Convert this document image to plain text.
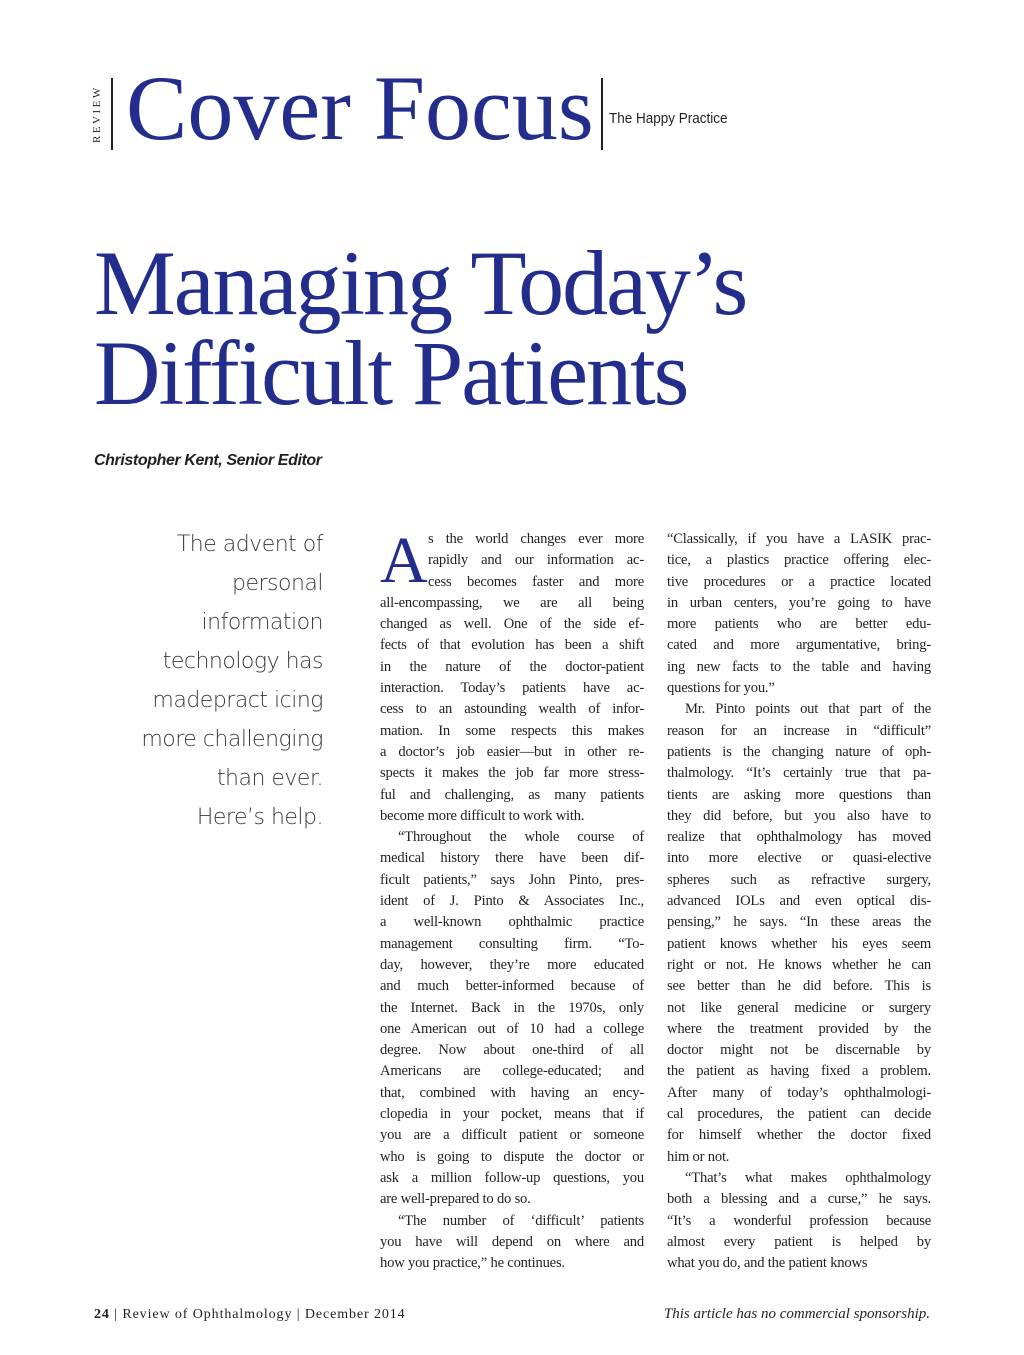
REVIEW Cover Focus The Happy Practice
Managing Today’s
Difficult Patients
Christopher Kent, Senior Editor
The advent of
personal
information
technology has
madepract icing
more challenging
than ever.
Here’s help.
A s the world changes ever more
rapidly and our information ac-
cess becomes faster and more
all-encompassing, we are all being
changed as well. One of the side ef-
fects of that evolution has been a shift
in the nature of the doctor-patient
interaction. Today’s patients have ac-
cess to an astounding wealth of infor-
mation. In some respects this makes
a doctor’s job easier—but in other re-
spects it makes the job far more stress-
ful and challenging, as many patients
become more difficult to work with.
“Throughout the whole course of
medical history there have been dif-
ficult patients,” says John Pinto, pres-
ident of J. Pinto & Associates Inc.,
a well-known ophthalmic practice
management consulting firm. “To-
day, however, they’re more educated
and much better-informed because of
the Internet. Back in the 1970s, only
one American out of 10 had a college
degree. Now about one-third of all
Americans are college-educated; and
that, combined with having an ency-
clopedia in your pocket, means that if
you are a difficult patient or someone
who is going to dispute the doctor or
ask a million follow-up questions, you
are well-prepared to do so.
“The number of ‘difficult’ patients
you have will depend on where and
how you practice,” he continues.
“Classically, if you have a LASIK prac-
tice, a plastics practice offering elec-
tive procedures or a practice located
in urban centers, you’re going to have
more patients who are better edu-
cated and more argumentative, bring-
ing new facts to the table and having
questions for you.”
Mr. Pinto points out that part of the
reason for an increase in “difficult”
patients is the changing nature of oph-
thalmology. “It’s certainly true that pa-
tients are asking more questions than
they did before, but you also have to
realize that ophthalmology has moved
into more elective or quasi-elective
spheres such as refractive surgery,
advanced IOLs and even optical dis-
pensing,” he says. “In these areas the
patient knows whether his eyes seem
right or not. He knows whether he can
see better than he did before. This is
not like general medicine or surgery
where the treatment provided by the
doctor might not be discernable by
the patient as having fixed a problem.
After many of today’s ophthalmologi-
cal procedures, the patient can decide
for himself whether the doctor fixed
him or not.
“That’s what makes ophthalmology
both a blessing and a curse,” he says.
“It’s a wonderful profession because
almost every patient is helped by
what you do, and the patient knows
24 | Review of Ophthalmology | December 2014	This article has no commercial sponsorship.
